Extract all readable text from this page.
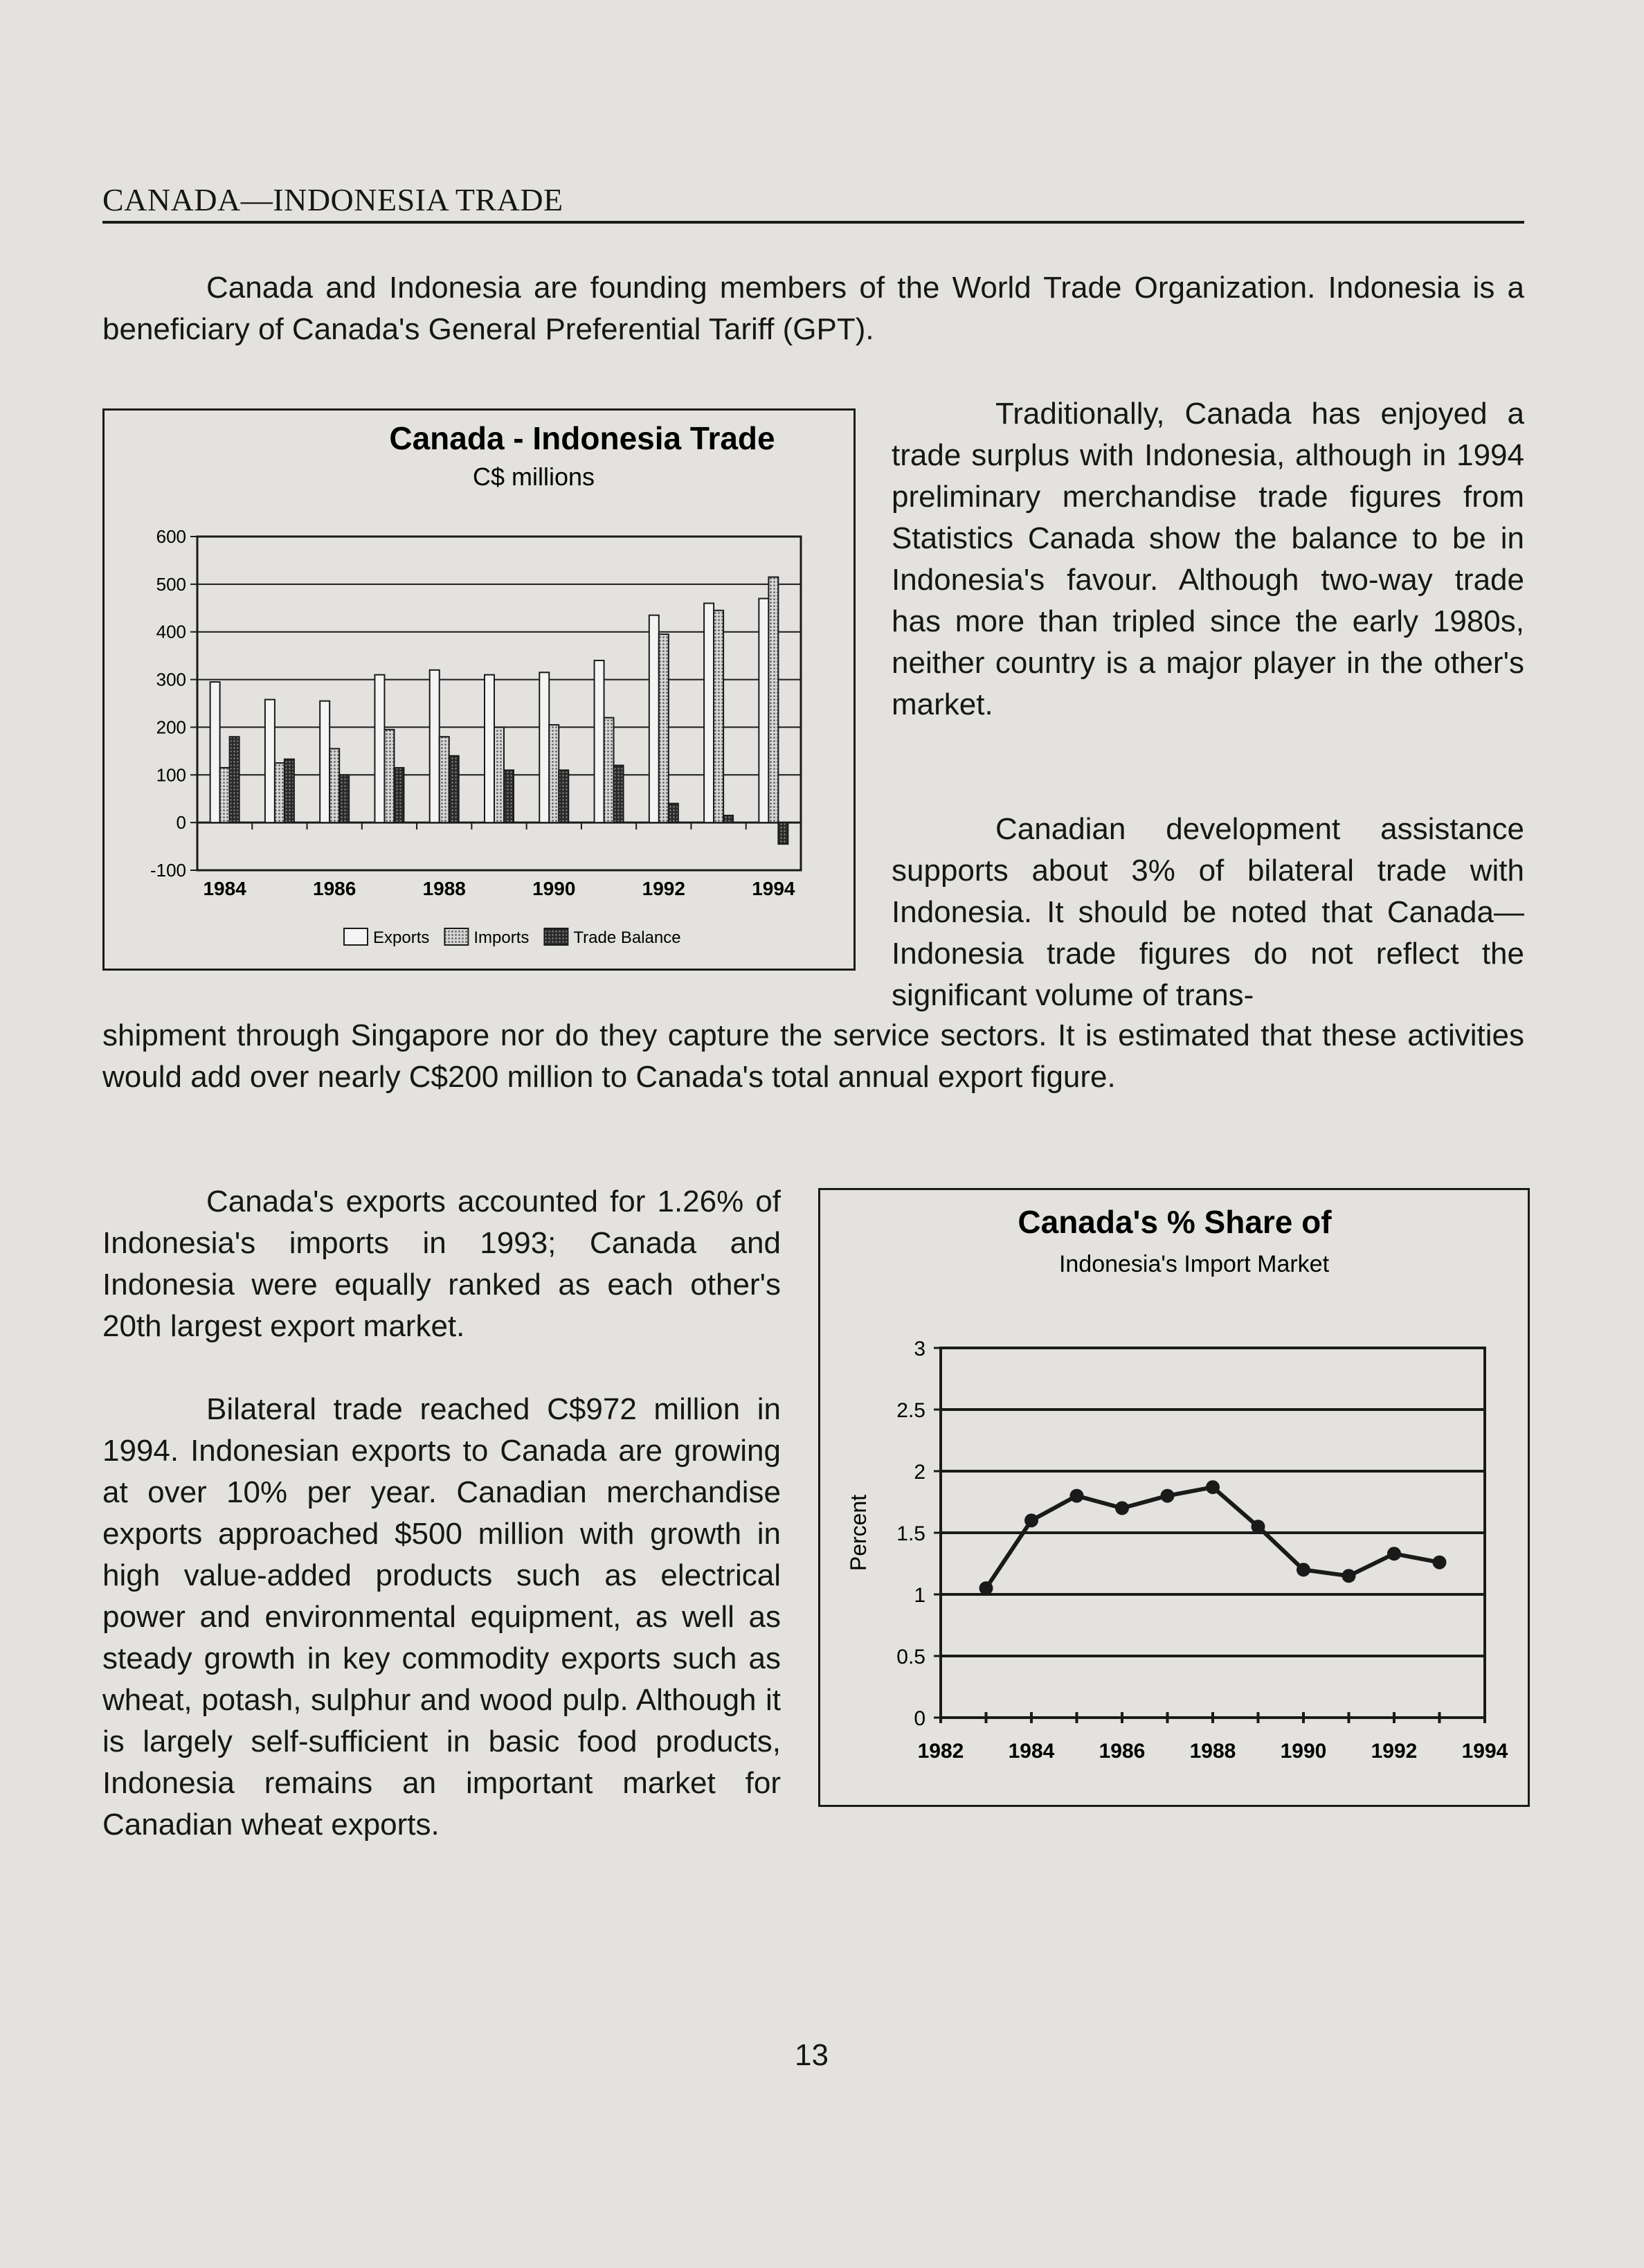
CANADA—INDONESIA TRADE

Canada and Indonesia are founding members of the World Trade Organization. Indonesia is a beneficiary of Canada's General Preferential Tariff (GPT).

Canada - Indonesia Trade
C$ millions
-100
0
100
200
300
400
500
600
1984	1986	1988	1990	1992	1994
Exports	Imports	Trade Balance

Traditionally, Canada has enjoyed a trade surplus with Indonesia, although in 1994 preliminary merchandise trade figures from Statistics Canada show the balance to be in Indonesia's favour. Although two-way trade has more than tripled since the early 1980s, neither country is a major player in the other's market.

Canadian development assistance supports about 3% of bilateral trade with Indonesia. It should be noted that Canada—Indonesia trade figures do not reflect the significant volume of trans-

shipment through Singapore nor do they capture the service sectors. It is estimated that these activities would add over nearly C$200 million to Canada's total annual export figure.

Canada's exports accounted for 1.26% of Indonesia's imports in 1993; Canada and Indonesia were equally ranked as each other's 20th largest export market.

Bilateral trade reached C$972 million in 1994. Indonesian exports to Canada are growing at over 10% per year. Canadian merchandise exports approached $500 million with growth in high value-added products such as electrical power and environmental equipment, as well as steady growth in key commodity exports such as wheat, potash, sulphur and wood pulp. Although it is largely self-sufficient in basic food products, Indonesia remains an important market for Canadian wheat exports.

Canada's % Share of
Indonesia's Import Market
0
0.5
1
1.5
2
2.5
3
1982 1984 1986 1988 1990 1992 1994
Percent
13
